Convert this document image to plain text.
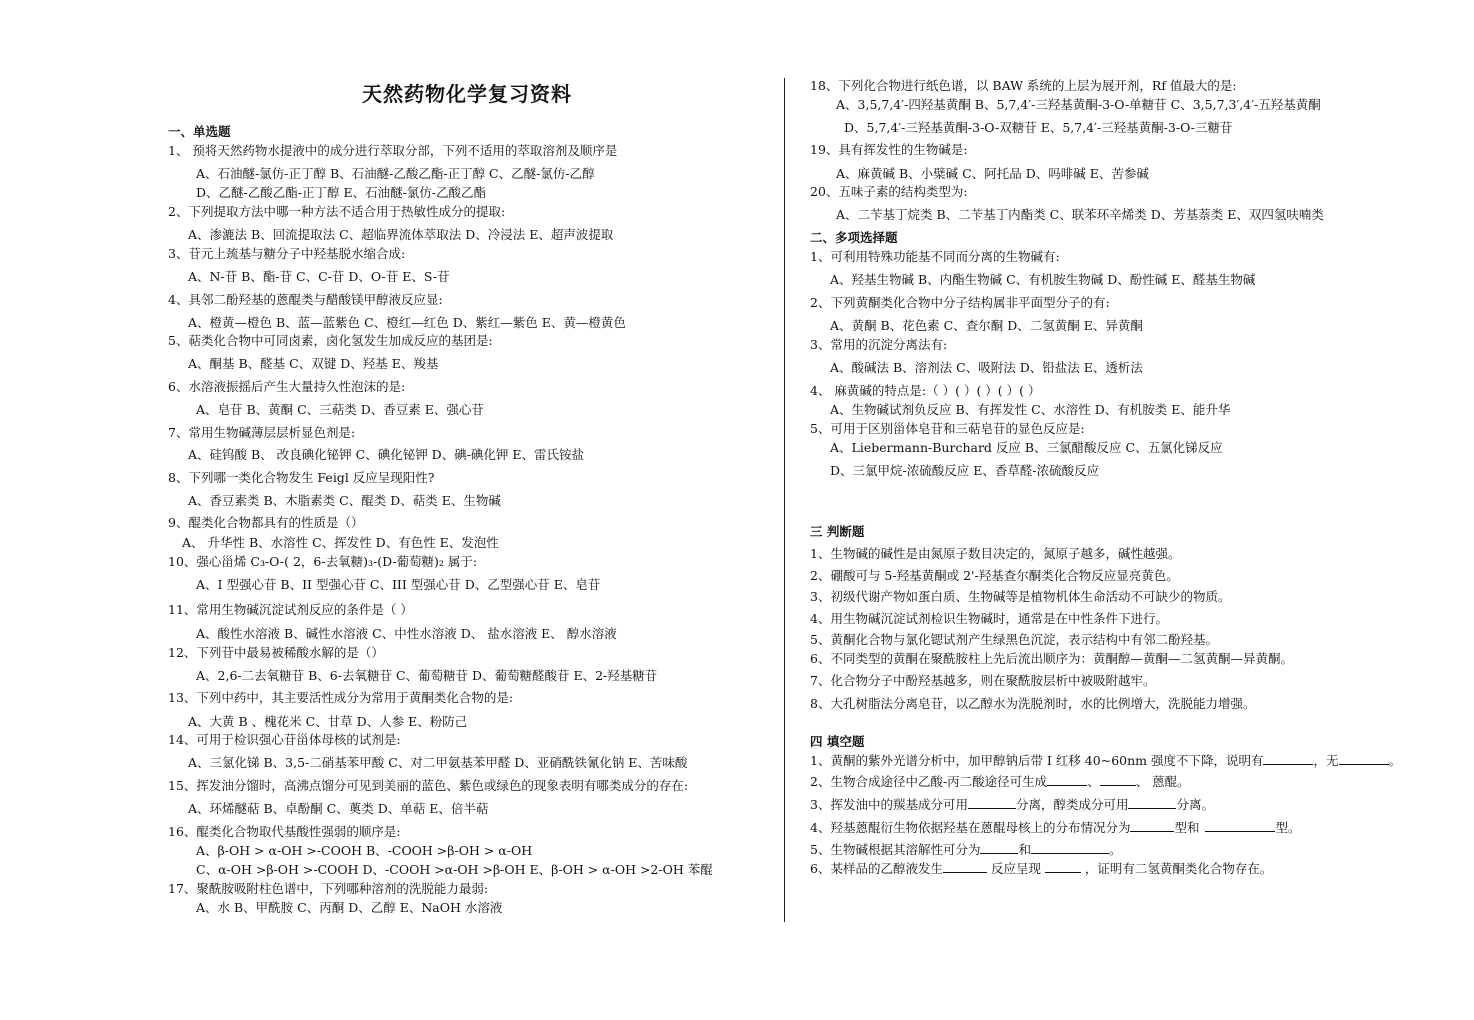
天然药物化学复习资料
一、单选题
1、 预将天然药物水提液中的成分进行萃取分部，下列不适用的萃取溶剂及顺序是
A、石油醚-氯仿-正丁醇 B、石油醚-乙酸乙酯-正丁醇 C、乙醚-氯仿-乙醇
D、乙醚-乙酸乙酯-正丁醇 E、石油醚-氯仿-乙酸乙酯
2、下列提取方法中哪一种方法不适合用于热敏性成分的提取:
A、渗漉法 B、回流提取法 C、超临界流体萃取法 D、冷浸法 E、超声波提取
3、苷元上巯基与糖分子中羟基脱水缩合成:
A、N-苷 B、酯-苷 C、C-苷 D、O-苷 E、S-苷
4、具邻二酚羟基的蒽醌类与醋酸镁甲醇液反应显:
A、橙黄—橙色 B、蓝—蓝紫色 C、橙红—红色 D、紫红—紫色 E、黄—橙黄色
5、萜类化合物中可同卤素，卤化氢发生加成反应的基团是:
A、酮基 B、醛基 C、双键 D、羟基 E、羧基
6、水溶液振摇后产生大量持久性泡沫的是:
A、皂苷 B、黄酮 C、三萜类 D、香豆素 E、强心苷
7、常用生物碱薄层层析显色剂是:
A、硅钨酸 B、 改良碘化铋钾 C、碘化铋钾 D、碘-碘化钾 E、雷氏铵盐
8、下列哪一类化合物发生 Feigl 反应呈现阳性?
A、香豆素类 B、木脂素类 C、醌类 D、萜类 E、生物碱
9、醌类化合物都具有的性质是（）
A、 升华性 B、水溶性 C、挥发性 D、有色性 E、发泡性
10、强心甾烯 C₃-O-( 2，6-去氧糖)₃-(D-葡萄糖)₂ 属于:
A、I 型强心苷 B、II 型强心苷 C、III 型强心苷 D、乙型强心苷 E、皂苷
11、常用生物碱沉淀试剂反应的条件是（ ）
A、酸性水溶液 B、碱性水溶液 C、中性水溶液 D、 盐水溶液 E、 醇水溶液
12、下列苷中最易被稀酸水解的是（）
A、2,6-二去氧糖苷 B、6-去氧糖苷 C、葡萄糖苷 D、葡萄糖醛酸苷 E、2-羟基糖苷
13、下列中药中，其主要活性成分为常用于黄酮类化合物的是:
A、大黄 B 、槐花米 C、甘草 D、人参 E、粉防己
14、可用于检识强心苷甾体母核的试剂是:
A、三氯化锑 B、3,5-二硝基苯甲酸 C、对二甲氨基苯甲醛 D、亚硝酰铁氰化钠 E、苦味酸
15、挥发油分馏时，高沸点馏分可见到美丽的蓝色、紫色或绿色的现象表明有哪类成分的存在:
A、环烯醚萜 B、卓酚酮 C、薁类 D、单萜 E、倍半萜
16、醌类化合物取代基酸性强弱的顺序是:
A、β-OH > α-OH >-COOH B、-COOH >β-OH > α-OH
C、α-OH >β-OH >-COOH D、-COOH >α-OH >β-OH E、β-OH > α-OH >2-OH 苯醌
17、聚酰胺吸附柱色谱中，下列哪种溶剂的洗脱能力最弱:
A、水 B、甲酰胺 C、丙酮 D、乙醇 E、NaOH 水溶液
1、黄酮的紫外光谱分析中，加甲醇钠后带 I 红移 40~60nm 强度不下降，说明有	，无	。
2、生物合成途径中乙酸-丙二酸途径可生成	、	、 蒽醌。
3、挥发油中的羰基成分可用	分离，醇类成分可用	分离。
4、羟基蒽醌衍生物依据羟基在蒽醌母核上的分布情况分为	型和	型。
5、生物碱根据其溶解性可分为	和	。
6、某样品的乙醇液发生	反应呈现	，证明有二氢黄酮类化合物存在。
18、下列化合物进行纸色谱，以 BAW 系统的上层为展开剂，Rf 值最大的是:
A、3,5,7,4′-四羟基黄酮 B、5,7,4′-三羟基黄酮-3-O-单糖苷 C、3,5,7,3′,4′-五羟基黄酮
D、5,7,4′-三羟基黄酮-3-O-双糖苷 E、5,7,4′-三羟基黄酮-3-O-三糖苷
19、具有挥发性的生物碱是:
A、麻黄碱 B、小檗碱 C、阿托品 D、吗啡碱 E、苦参碱
20、五味子素的结构类型为:
A、二苄基丁烷类 B、二苄基丁内酯类 C、联苯环辛烯类 D、芳基萘类 E、双四氢呋喃类
二、多项选择题
1、可利用特殊功能基不同而分离的生物碱有:
A、羟基生物碱 B、内酯生物碱 C、有机胺生物碱 D、酚性碱 E、醛基生物碱
2、下列黄酮类化合物中分子结构属非平面型分子的有:
A、黄酮 B、花色素 C、查尔酮 D、二氢黄酮 E、异黄酮
3、常用的沉淀分离法有:
A、酸碱法 B、溶剂法 C、吸附法 D、铅盐法 E、透析法
4、 麻黄碱的特点是:（ ）( ）( ）( ）( ）
A、生物碱试剂负反应 B、有挥发性 C、水溶性 D、有机胺类 E、能升华
5、可用于区别甾体皂苷和三萜皂苷的显色反应是:
A、Liebermann-Burchard 反应 B、三氯醋酸反应 C、五氯化锑反应
D、三氯甲烷-浓硫酸反应 E、香草醛-浓硫酸反应
三 判断题
1、生物碱的碱性是由氮原子数目决定的，氮原子越多，碱性越强。
2、硼酸可与 5-羟基黄酮或 2'-羟基查尔酮类化合物反应显亮黄色。
3、初级代谢产物如蛋白质、生物碱等是植物机体生命活动不可缺少的物质。
4、用生物碱沉淀试剂检识生物碱时，通常是在中性条件下进行。
5、黄酮化合物与氯化锶试剂产生绿黑色沉淀，表示结构中有邻二酚羟基。
6、不同类型的黄酮在聚酰胺柱上先后流出顺序为：黄酮醇—黄酮—二氢黄酮—异黄酮。
7、化合物分子中酚羟基越多，则在聚酰胺层析中被吸附越牢。
8、大孔树脂法分离皂苷，以乙醇水为洗脱剂时，水的比例增大，洗脱能力增强。
四 填空题
